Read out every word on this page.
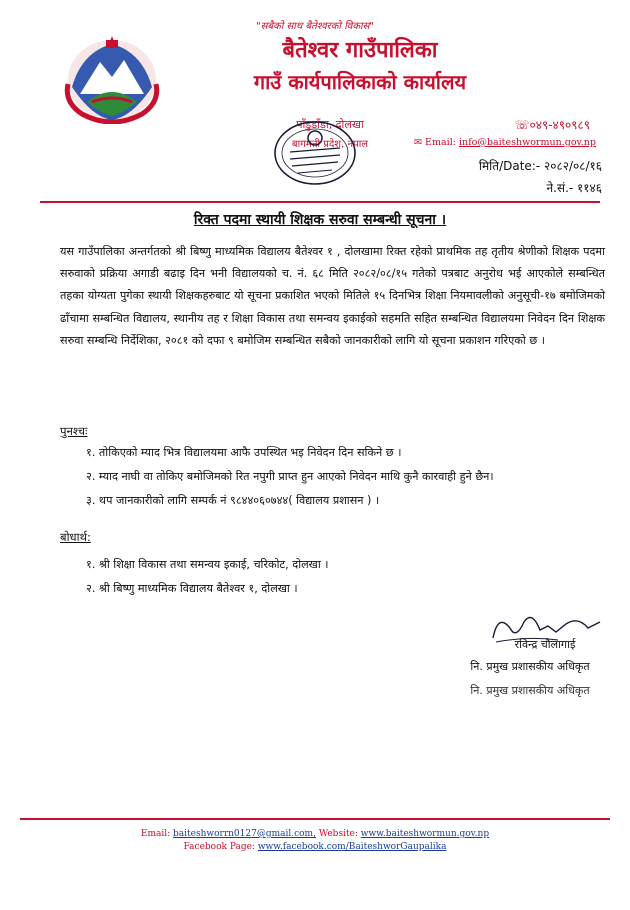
"सबैको साथ बैतेश्वरको विकास"
बैतेश्वर गाउँपालिका
गाउँ कार्यपालिकाको कार्यालय
पाँडुडाँडा, दोलखा
बागमती प्रदेश, नेपाल
☏०४९-४९०९८९
✉ Email: info@baiteshwormun.gov.np
मिति/Date:- २०८२/०८/१६
ने.सं.- ११४६
रिक्त पदमा स्थायी शिक्षक सरुवा सम्बन्धी सूचना ।
यस गाउँपालिका अन्तर्गतको श्री बिष्णु माध्यमिक विद्यालय बैतेश्वर १ , दोलखामा रिक्त रहेको प्राथमिक तह तृतीय श्रेणीको शिक्षक पदमा सरुवाको प्रक्रिया अगाडी बढाइ दिन भनी विद्यालयको च. नं. ६८ मिति २०८२/०८/१५ गतेको पत्रबाट अनुरोध भई आएकोले सम्बन्धित तहका योग्यता पुगेका स्थायी शिक्षकहरुबाट यो सूचना प्रकाशित भएको मितिले १५ दिनभित्र शिक्षा नियमावलीको अनुसूची-१७ बमोजिमको ढाँचामा सम्बन्धित विद्यालय, स्थानीय तह र शिक्षा विकास तथा समन्वय इकाईको सहमति सहित सम्बन्धित विद्यालयमा निवेदन दिन शिक्षक सरुवा सम्बन्धि निर्देशिका, २०८१ को दफा ९ बमोजिम सम्बन्धित सबैको जानकारीको लागि यो सूचना प्रकाशन गरिएको छ ।
पुनश्चः
१. तोकिएको म्याद भित्र विद्यालयमा आफै उपस्थित भइ निवेदन दिन सकिने छ ।
२. म्याद नाघी वा तोकिए बमोजिमको रित नपुगी प्राप्त हुन आएको निवेदन माथि कुनै कारवाही हुने छैन।
३. थप जानकारीको लागि सम्पर्क नं ९८४४०६०७४४( विद्यालय प्रशासन ) ।
बोधार्थ:
१. श्री शिक्षा विकास तथा समन्वय इकाई, चरिकोट, दोलखा ।
२. श्री बिष्णु माध्यमिक विद्यालय बैतेश्वर १, दोलखा ।
रविन्द्र चौलागाई
नि. प्रमुख प्रशासकीय अधिकृत
नि. प्रमुख प्रशासकीय अधिकृत
Email: baiteshworrn0127@gmail.com, Website: www.baiteshwormun.gov.np
Facebook Page: www.facebook.com/BaiteshworGaupalika
